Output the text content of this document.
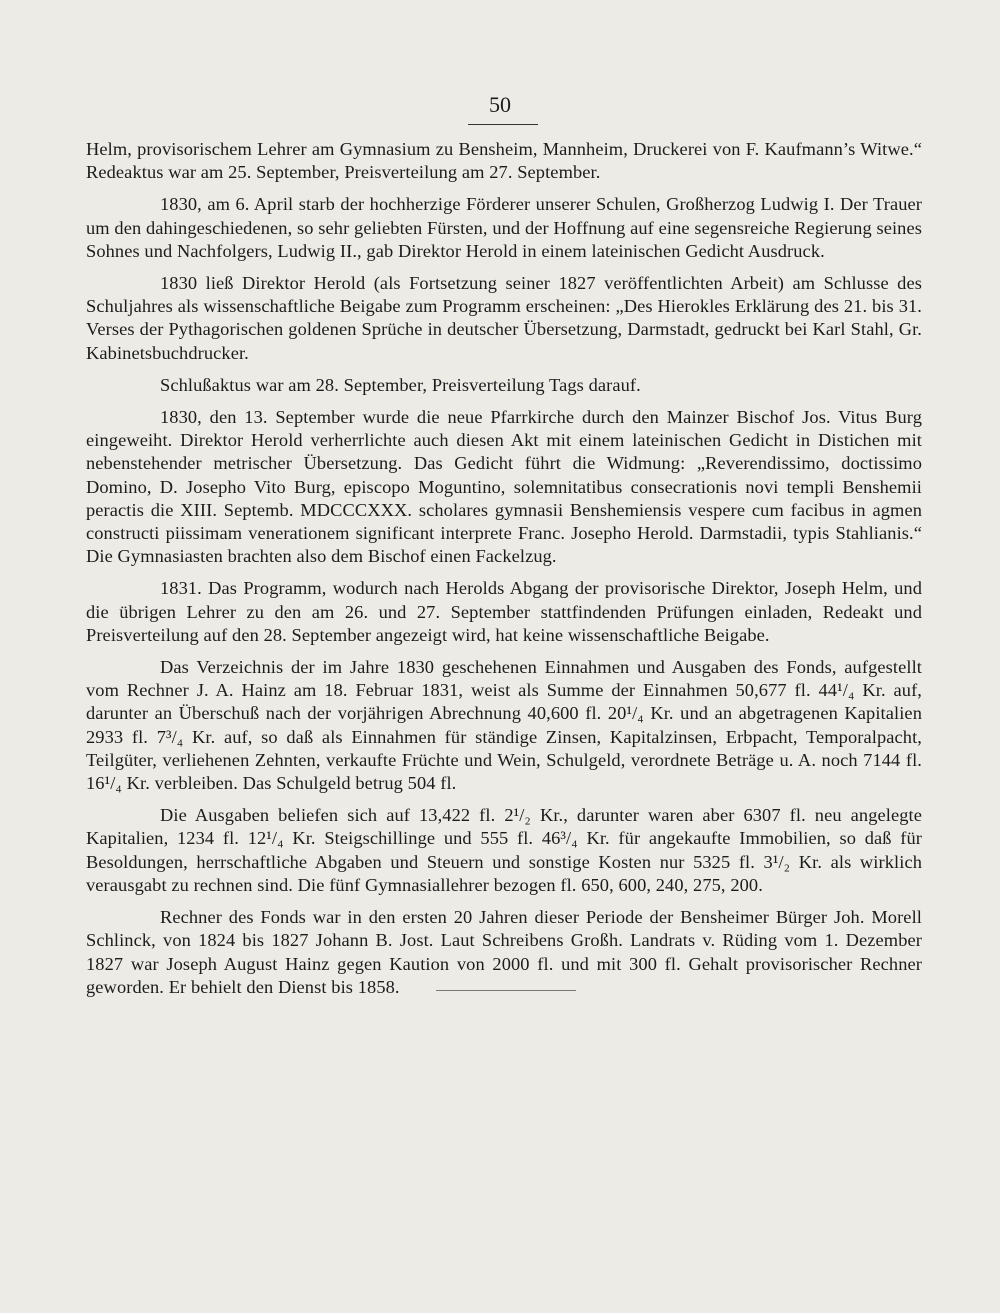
50

Helm, provisorischem Lehrer am Gymnasium zu Bensheim, Mannheim, Druckerei von F. Kaufmann’s Witwe.“ Redeaktus war am 25. September, Preisverteilung am 27. September.

1830, am 6. April starb der hochherzige Förderer unserer Schulen, Großherzog Ludwig I. Der Trauer um den dahingeschiedenen, so sehr geliebten Fürsten, und der Hoffnung auf eine segensreiche Regierung seines Sohnes und Nachfolgers, Ludwig II., gab Direktor Herold in einem lateinischen Gedicht Ausdruck.

1830 ließ Direktor Herold (als Fortsetzung seiner 1827 veröffentlichten Arbeit) am Schlusse des Schuljahres als wissenschaftliche Beigabe zum Programm erscheinen: „Des Hierokles Erklärung des 21. bis 31. Verses der Pythagorischen goldenen Sprüche in deutscher Übersetzung, Darmstadt, gedruckt bei Karl Stahl, Gr. Kabinetsbuchdrucker.

Schlußaktus war am 28. September, Preisverteilung Tags darauf.

1830, den 13. September wurde die neue Pfarrkirche durch den Mainzer Bischof Jos. Vitus Burg eingeweiht. Direktor Herold verherrlichte auch diesen Akt mit einem lateinischen Gedicht in Distichen mit nebenstehender metrischer Übersetzung. Das Gedicht führt die Widmung: „Reverendissimo, doctissimo Domino, D. Josepho Vito Burg, episcopo Moguntino, solemnitatibus consecrationis novi templi Benshemii peractis die XIII. Septemb. MDCCCXXX. scholares gymnasii Benshemiensis vespere cum facibus in agmen constructi piissimam venerationem significant interprete Franc. Josepho Herold. Darmstadii, typis Stahlianis.“ Die Gymnasiasten brachten also dem Bischof einen Fackelzug.

1831. Das Programm, wodurch nach Herolds Abgang der provisorische Direktor, Joseph Helm, und die übrigen Lehrer zu den am 26. und 27. September stattfindenden Prüfungen einladen, Redeakt und Preisverteilung auf den 28. September angezeigt wird, hat keine wissenschaftliche Beigabe.

Das Verzeichnis der im Jahre 1830 geschehenen Einnahmen und Ausgaben des Fonds, aufgestellt vom Rechner J. A. Hainz am 18. Februar 1831, weist als Summe der Einnahmen 50,677 fl. 44¹/₄ Kr. auf, darunter an Überschuß nach der vorjährigen Abrechnung 40,600 fl. 20¹/₄ Kr. und an abgetragenen Kapitalien 2933 fl. 7³/₄ Kr. auf, so daß als Einnahmen für ständige Zinsen, Kapitalzinsen, Erbpacht, Temporalpacht, Teilgüter, verliehenen Zehnten, verkaufte Früchte und Wein, Schulgeld, verordnete Beträge u. A. noch 7144 fl. 16¹/₄ Kr. verbleiben. Das Schulgeld betrug 504 fl.

Die Ausgaben beliefen sich auf 13,422 fl. 2¹/₂ Kr., darunter waren aber 6307 fl. neu angelegte Kapitalien, 1234 fl. 12¹/₄ Kr. Steigschillinge und 555 fl. 46³/₄ Kr. für angekaufte Immobilien, so daß für Besoldungen, herrschaftliche Abgaben und Steuern und sonstige Kosten nur 5325 fl. 3¹/₂ Kr. als wirklich verausgabt zu rechnen sind. Die fünf Gymnasiallehrer bezogen fl. 650, 600, 240, 275, 200.

Rechner des Fonds war in den ersten 20 Jahren dieser Periode der Bensheimer Bürger Joh. Morell Schlinck, von 1824 bis 1827 Johann B. Jost. Laut Schreibens Großh. Landrats v. Rüding vom 1. Dezember 1827 war Joseph August Hainz gegen Kaution von 2000 fl. und mit 300 fl. Gehalt provisorischer Rechner geworden. Er behielt den Dienst bis 1858.
